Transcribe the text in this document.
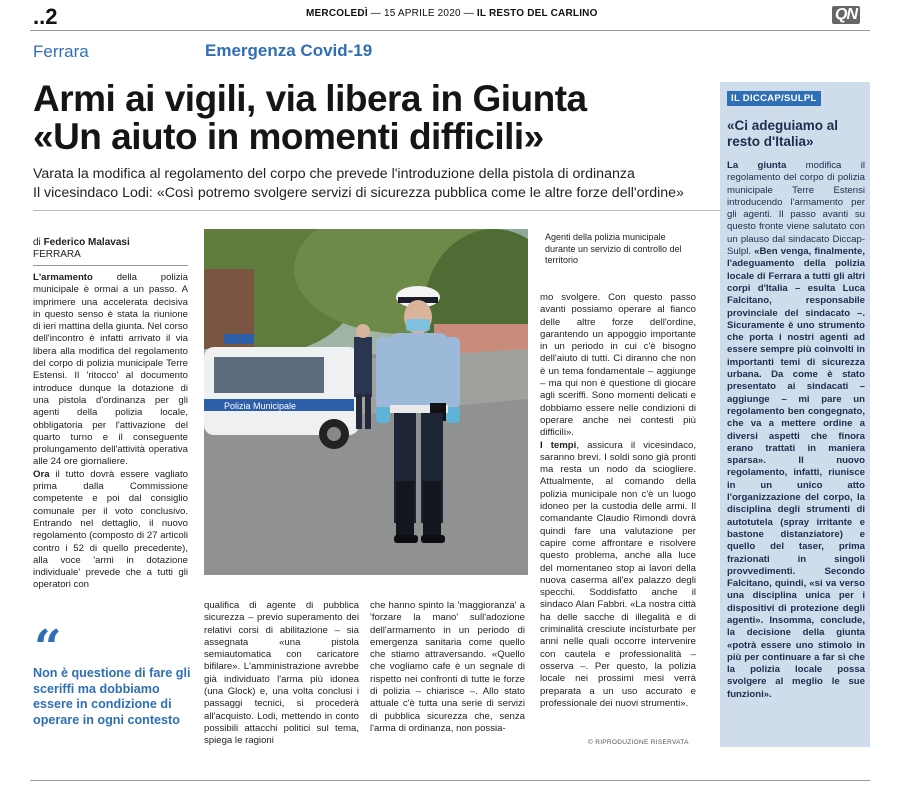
..2	MERCOLEDÌ — 15 APRILE 2020 — IL RESTO DEL CARLINO	QN
Ferrara	Emergenza Covid-19
Armi ai vigili, via libera in Giunta
«Un aiuto in momenti difficili»
Varata la modifica al regolamento del corpo che prevede l'introduzione della pistola di ordinanza
Il vicesindaco Lodi: «Così potremo svolgere servizi di sicurezza pubblica come le altre forze dell'ordine»
di Federico Malavasi
FERRARA
L'armamento della polizia municipale è ormai a un passo. A imprimere una accelerata decisiva in questo senso è stata la riunione di ieri mattina della giunta. Nel corso dell'incontro è infatti arrivato il via libera alla modifica del regolamento del corpo di polizia municipale Terre Estensi. Il 'ritocco' al documento introduce dunque la dotazione di una pistola d'ordinanza per gli agenti della polizia locale, obbligatoria per l'attivazione del quarto turno e il conseguente prolungamento dell'attività operativa alle 24 ore giornaliere.
Ora il tutto dovrà essere vagliato prima dalla Commissione competente e poi dal consiglio comunale per il voto conclusivo. Entrando nel dettaglio, il nuovo regolamento (composto di 27 articoli contro i 52 di quello precedente), alla voce 'armi in dotazione individuale' prevede che a tutti gli operatori con
Polizia Municipale
Agenti della polizia municipale durante un servizio di controllo del territorio
mo svolgere. Con questo passo avanti possiamo operare al fianco delle altre forze dell'ordine, garantendo un appoggio importante in un periodo in cui c'è bisogno dell'aiuto di tutti. Ci diranno che non è un tema fondamentale – aggiunge – ma qui non è questione di giocare agli sceriffi. Sono momenti delicati e dobbiamo essere nelle condizioni di operare anche nei contesti più difficili».
I tempi, assicura il vicesindaco, saranno brevi. I soldi sono già pronti ma resta un nodo da sciogliere. Attualmente, al comando della polizia municipale non c'è un luogo idoneo per la custodia delle armi. Il comandante Claudio Rimondi dovrà quindi fare una valutazione per capire come affrontare e risolvere questo problema, anche alla luce del momentaneo stop ai lavori della nuova caserma all'ex palazzo degli specchi. Soddisfatto anche il sindaco Alan Fabbri. «La nostra città ha delle sacche di illegalità e di criminalità cresciute incisturbate per anni nelle quali occorre intervenire con cautela e professionalità – osserva –. Per questo, la polizia locale nei prossimi mesi verrà preparata a un uso accurato e professionale dei nuovi strumenti».
qualifica di agente di pubblica sicurezza – previo superamento dei relativi corsi di abilitazione – sia assegnata «una pistola semiautomatica con caricatore bifilare». L'amministrazione avrebbe già individuato l'arma più idonea (una Glock) e, una volta conclusi i passaggi tecnici, si procederà all'acquisto. Lodi, mettendo in conto possibili attacchi politici sul tema, spiega le ragioni
che hanno spinto la 'maggioranza' a 'forzare la mano' sull'adozione dell'armamento in un periodo di emergenza sanitaria come quello che stiamo attraversando. «Quello che vogliamo cafe è un segnale di rispetto nei confronti di tutte le forze di polizia – chiarisce –. Allo stato attuale c'è tutta una serie di servizi di pubblica sicurezza che, senza l'arma di ordinanza, non possia-
“
Non è questione di fare gli sceriffi ma dobbiamo essere in condizione di operare in ogni contesto
© RIPRODUZIONE RISERVATA
IL DICCAP/SULPL
«Ci adeguiamo al resto d'Italia»
La giunta modifica il regolamento del corpo di polizia municipale Terre Estensi introducendo l'armamento per gli agenti. Il passo avanti su questo fronte viene salutato con un plauso dal sindacato Diccap-Sulpl. «Ben venga, finalmente, l'adeguamento della polizia locale di Ferrara a tutti gli altri corpi d'Italia – esulta Luca Falcitano, responsabile provinciale del sindacato –. Sicuramente è uno strumento che porta i nostri agenti ad essere sempre più coinvolti in importanti temi di sicurezza urbana. Da come è stato presentato ai sindacati – aggiunge – mi pare un regolamento ben congegnato, che va a mettere ordine a diversi aspetti che finora erano trattati in maniera sparsa». Il nuovo regolamento, infatti, riunisce in un unico atto l'organizzazione del corpo, la disciplina degli strumenti di autotutela (spray irritante e bastone distanziatore) e quello del taser, prima frazionati in singoli provvedimenti. Secondo Falcitano, quindi, «si va verso una disciplina unica per i dispositivi di protezione degli agenti». Insomma, conclude, la decisione della giunta «potrà essere uno stimolo in più per continuare a far sì che la polizia locale possa svolgere al meglio le sue funzioni».
